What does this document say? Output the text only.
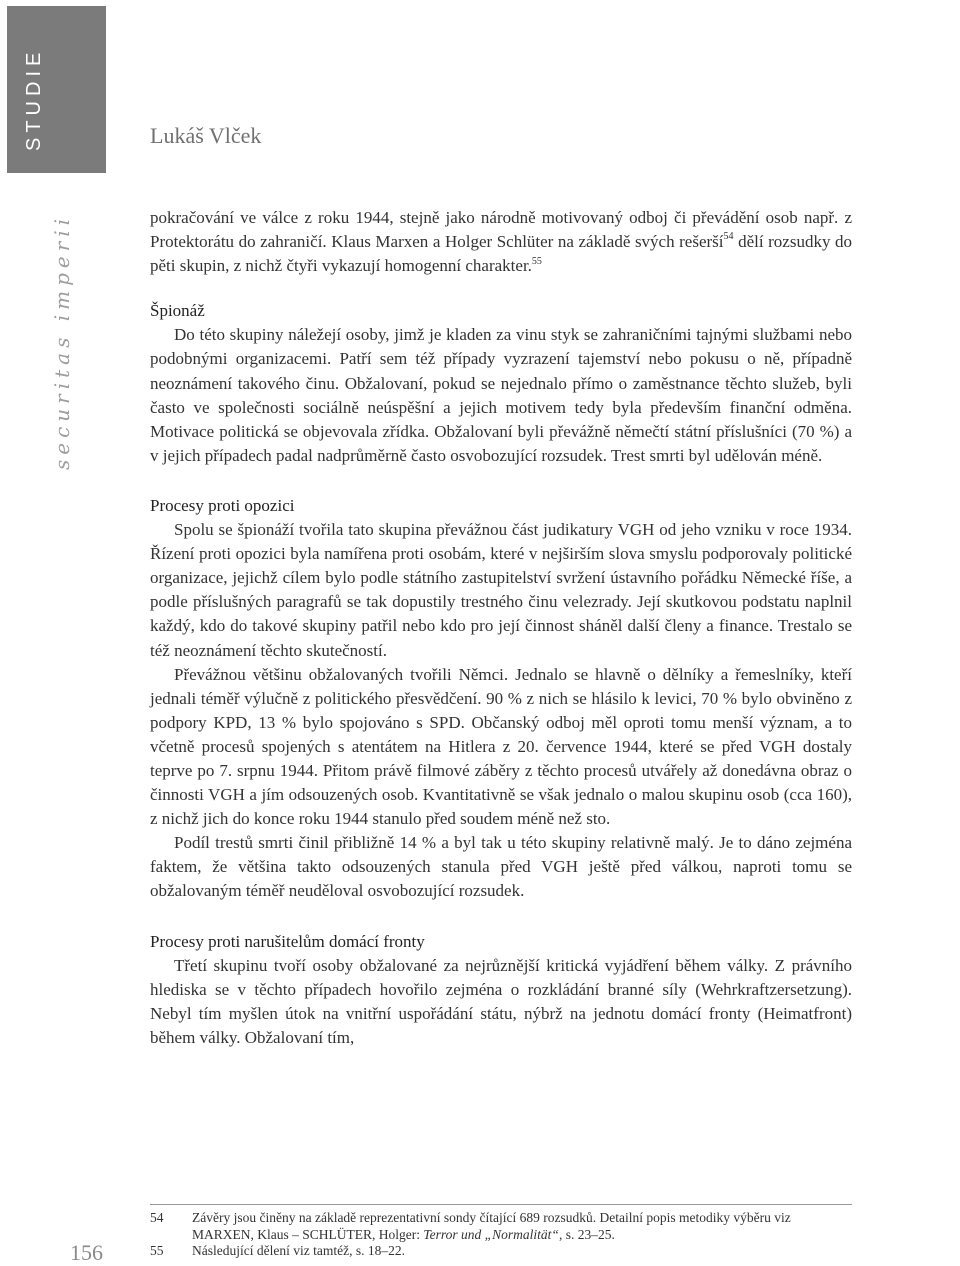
STUDIE
securitas imperii
Lukáš Vlček

pokračování ve válce z roku 1944, stejně jako národně motivovaný odboj či převádění osob např. z Protektorátu do zahraničí. Klaus Marxen a Holger Schlüter na základě svých rešerší$^{54}$ dělí rozsudky do pěti skupin, z nichž čtyři vykazují homogenní charakter.$^{55}$

Špionáž

Do této skupiny náležejí osoby, jimž je kladen za vinu styk se zahraničními tajnými službami nebo podobnými organizacemi. Patří sem též případy vyzrazení tajemství nebo pokusu o ně, případně neoznámení takového činu. Obžalovaní, pokud se nejednalo přímo o zaměstnance těchto služeb, byli často ve společnosti sociálně neúspěšní a jejich motivem tedy byla především finanční odměna. Motivace politická se objevovala zřídka. Obžalovaní byli převážně němečtí státní příslušníci (70 %) a v jejich případech padal nadprůměrně často osvobozující rozsudek. Trest smrti byl udělován méně.

Procesy proti opozici

Spolu se špionáží tvořila tato skupina převážnou část judikatury VGH od jeho vzniku v roce 1934. Řízení proti opozici byla namířena proti osobám, které v nejširším slova smyslu podporovaly politické organizace, jejichž cílem bylo podle státního zastupitelství svržení ústavního pořádku Německé říše, a podle příslušných paragrafů se tak dopustily trestného činu velezrady. Její skutkovou podstatu naplnil každý, kdo do takové skupiny patřil nebo kdo pro její činnost sháněl další členy a finance. Trestalo se též neoznámení těchto skutečností.

Převážnou většinu obžalovaných tvořili Němci. Jednalo se hlavně o dělníky a řemeslníky, kteří jednali téměř výlučně z politického přesvědčení. 90 % z nich se hlásilo k levici, 70 % bylo obviněno z podpory KPD, 13 % bylo spojováno s SPD. Občanský odboj měl oproti tomu menší význam, a to včetně procesů spojených s atentátem na Hitlera z 20. července 1944, které se před VGH dostaly teprve po 7. srpnu 1944. Přitom právě filmové záběry z těchto procesů utvářely až donedávna obraz o činnosti VGH a jím odsouzených osob. Kvantitativně se však jednalo o malou skupinu osob (cca 160), z nichž jich do konce roku 1944 stanulo před soudem méně než sto.

Podíl trestů smrti činil přibližně 14 % a byl tak u této skupiny relativně malý. Je to dáno zejména faktem, že většina takto odsouzených stanula před VGH ještě před válkou, naproti tomu se obžalovaným téměř neuděloval osvobozující rozsudek.

Procesy proti narušitelům domácí fronty

Třetí skupinu tvoří osoby obžalované za nejrůznější kritická vyjádření během války. Z právního hlediska se v těchto případech hovořilo zejména o rozkládání branné síly (Wehrkraftzersetzung). Nebyl tím myšlen útok na vnitřní uspořádání státu, nýbrž na jednotu domácí fronty (Heimatfront) během války. Obžalovaní tím,

54	Závěry jsou činěny na základě reprezentativní sondy čítající 689 rozsudků. Detailní popis metodiky výběru viz MARXEN, Klaus – SCHLÜTER, Holger: Terror und „Normalität“, s. 23–25.
55	Následující dělení viz tamtéž, s. 18–22.
156
